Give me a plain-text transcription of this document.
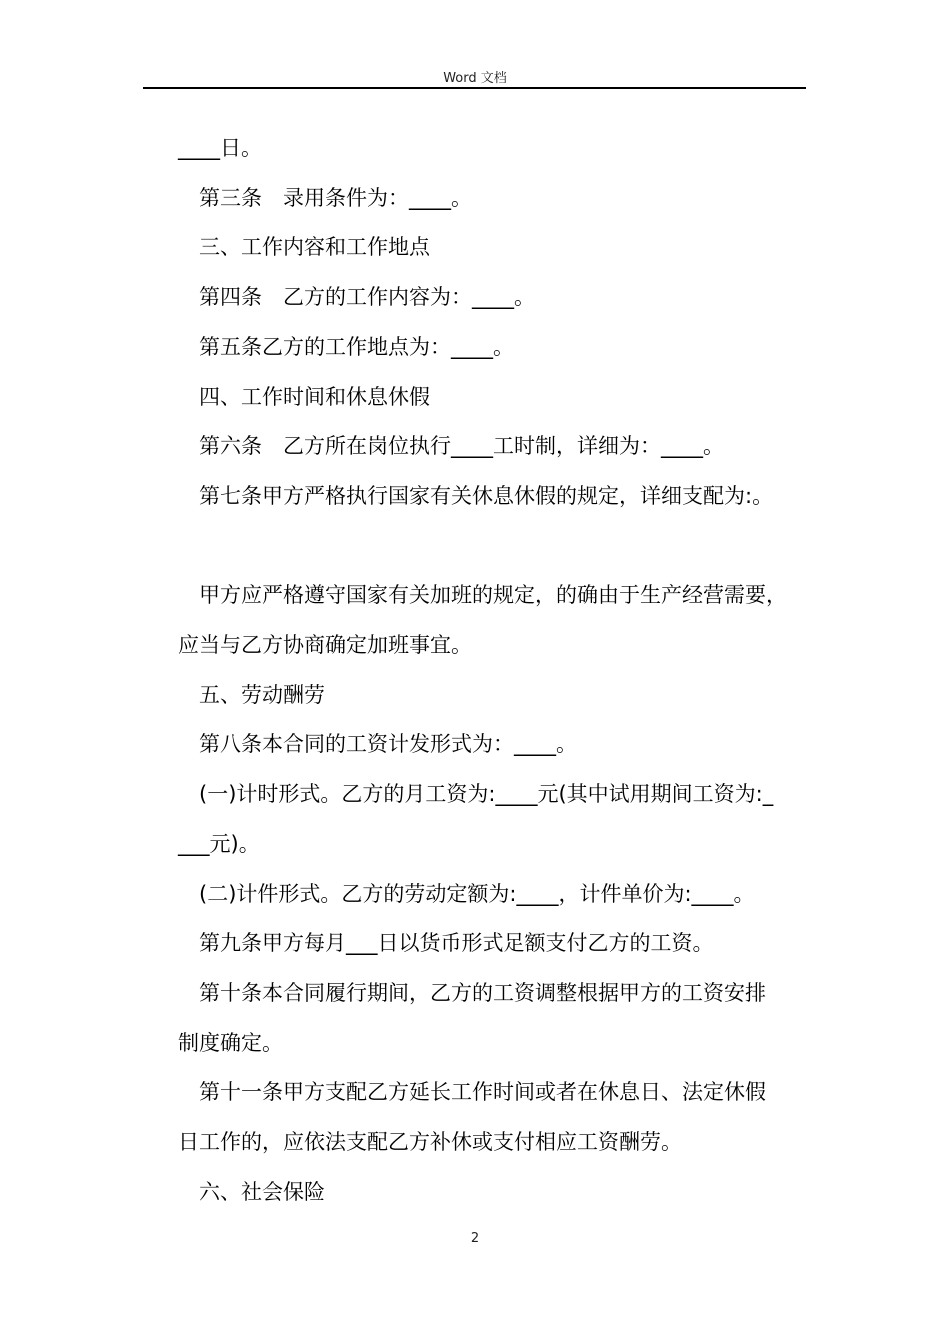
Word 文档

____日。

第三条　录用条件为：____。

三、工作内容和工作地点

第四条　乙方的工作内容为：____。

第五条乙方的工作地点为：____。

四、工作时间和休息休假

第六条　乙方所在岗位执行____工时制，详细为：____。

第七条甲方严格执行国家有关休息休假的规定，详细支配为:。

甲方应严格遵守国家有关加班的规定，的确由于生产经营需要，

应当与乙方协商确定加班事宜。

五、劳动酬劳

第八条本合同的工资计发形式为：____。

(一)计时形式。乙方的月工资为:____元(其中试用期间工资为:_

___元)。

(二)计件形式。乙方的劳动定额为:____，计件单价为:____。

第九条甲方每月___日以货币形式足额支付乙方的工资。

第十条本合同履行期间，乙方的工资调整根据甲方的工资安排

制度确定。

第十一条甲方支配乙方延长工作时间或者在休息日、法定休假

日工作的，应依法支配乙方补休或支付相应工资酬劳。

六、社会保险

2
